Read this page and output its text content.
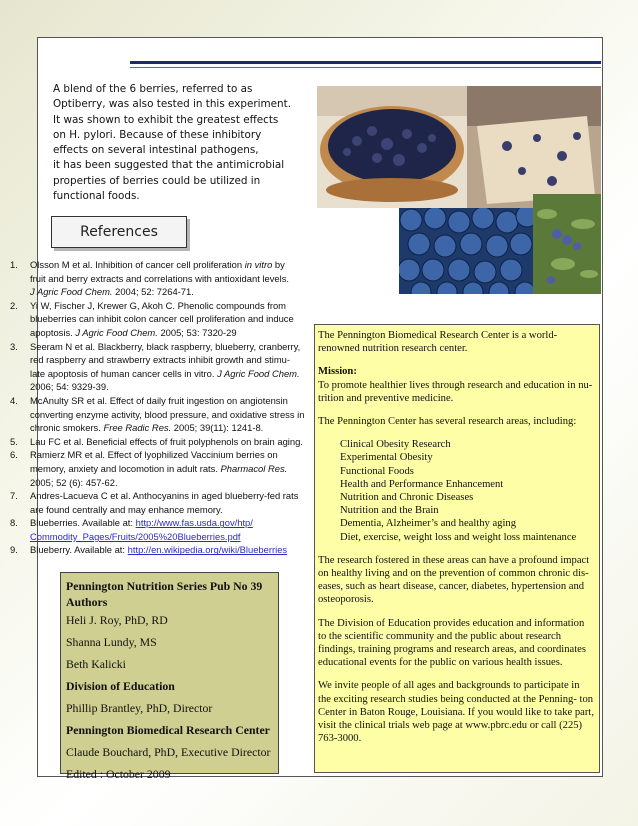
A blend of the 6 berries, referred to as
Optiberry, was also tested in this experiment.
It was shown to exhibit the greatest effects
on H. pylori. Because of these inhibitory
effects on several intestinal pathogens,
it has been suggested that the antimicrobial
properties of berries could be utilized in
functional foods.
References
1. Olsson M et al. Inhibition of cancer cell proliferation in vitro by
fruit and berry extracts and correlations with antioxidant levels.
J Agric Food Chem. 2004; 52: 7264-71.
2. Yi W, Fischer J, Krewer G, Akoh C. Phenolic compounds from
blueberries can inhibit colon cancer cell proliferation and induce
apoptosis. J Agric Food Chem. 2005; 53: 7320-29
3. Seeram N et al. Blackberry, black raspberry, blueberry, cranberry,
red raspberry and strawberry extracts inhibit growth and stimu-
late apoptosis of human cancer cells in vitro. J Agric Food Chem.
2006; 54: 9329-39.
4. McAnulty SR et al. Effect of daily fruit ingestion on angiotensin
converting enzyme activity, blood pressure, and oxidative stress in
chronic smokers. Free Radic Res. 2005; 39(11): 1241-8.
5. Lau FC et al. Beneficial effects of fruit polyphenols on brain aging.
6. Ramierz MR et al. Effect of lyophilized Vaccinium berries on
memory, anxiety and locomotion in adult rats. Pharmacol Res.
2005; 52 (6): 457-62.
7. Andres-Lacueva C et al. Anthocyanins in aged blueberry-fed rats
are found centrally and may enhance memory.
8. Blueberries. Available at: http://www.fas.usda.gov/htp/
Commodity_Pages/Fruits/2005%20Blueberries.pdf
9. Blueberry. Available at: http://en.wikipedia.org/wiki/Blueberries

The Pennington Biomedical Research Center is a world-renowned nutrition research center.

Mission:

To promote healthier lives through research and education in nu- trition and preventive medicine.

The Pennington Center has several research areas, including:

Clinical Obesity Research
Experimental Obesity
Functional Foods
Health and Performance Enhancement
Nutrition and Chronic Diseases
Nutrition and the Brain
Dementia, Alzheimer’s and healthy aging
Diet, exercise, weight loss and weight loss maintenance

The research fostered in these areas can have a profound impact on healthy living and on the prevention of common chronic dis- eases, such as heart disease, cancer, diabetes, hypertension and osteoporosis.

The Division of Education provides education and information to the scientific community and the public about research findings, training programs and research areas, and coordinates educational events for the public on various health issues.

We invite people of all ages and backgrounds to participate in the exciting research studies being conducted at the Penning- ton Center in Baton Rouge, Louisiana. If you would like to take part, visit the clinical trials web page at www.pbrc.edu or call (225) 763-3000.

Pennington Nutrition Series Pub No 39
Authors
Heli J. Roy, PhD, RD
Shanna Lundy, MS
Beth Kalicki
Division of Education
Phillip Brantley, PhD, Director
Pennington Biomedical Research Center
Claude Bouchard, PhD, Executive Director
Edited : October 2009
